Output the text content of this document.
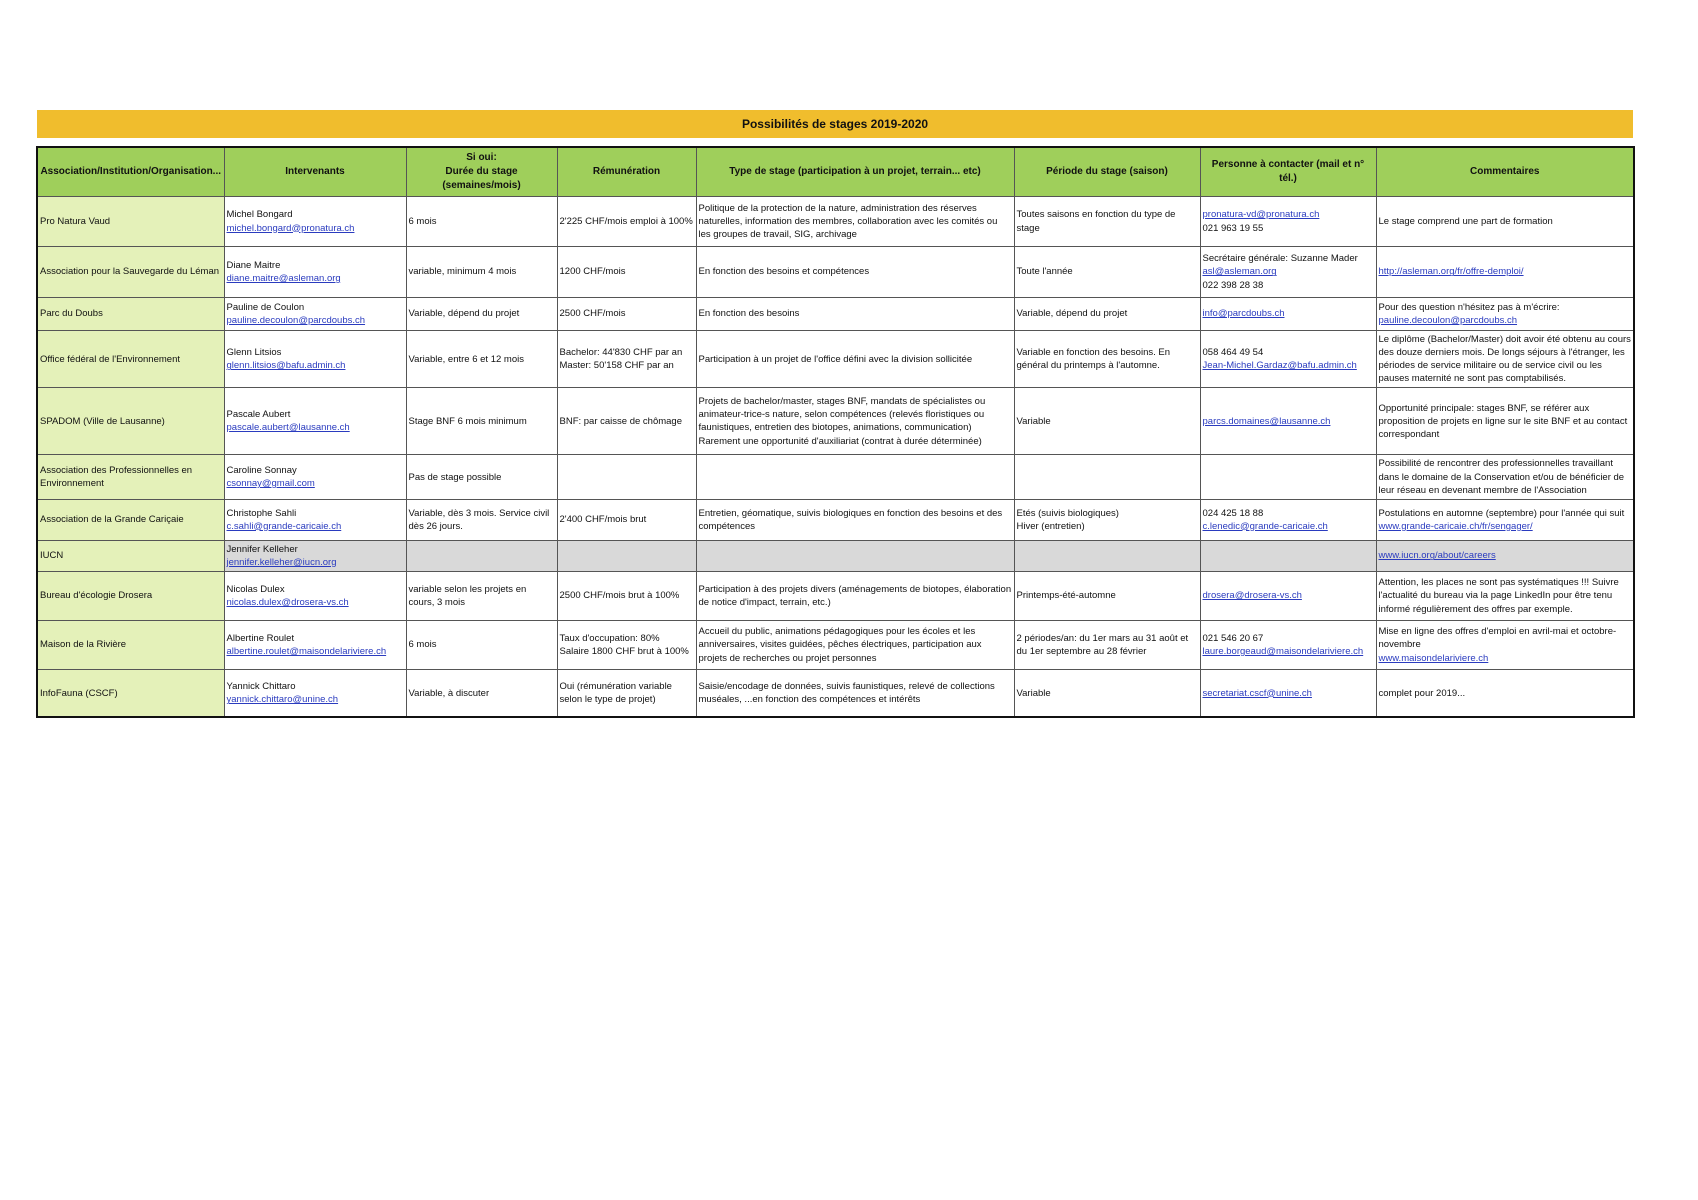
Possibilités de stages 2019-2020
Association/Institution/Organisation...	Intervenants	Si oui:
Durée du stage
(semaines/mois)	Rémunération	Type de stage (participation à un projet, terrain... etc)	Période du stage (saison)	Personne à contacter (mail et n° tél.)	Commentaires
Pro Natura Vaud	Michel Bongard
michel.bongard@pronatura.ch	6 mois	2'225 CHF/mois emploi à 100%	Politique de la protection de la nature, administration des réserves naturelles, information des membres, collaboration avec les comités ou les groupes de travail, SIG, archivage	Toutes saisons en fonction du type de stage	pronatura-vd@pronatura.ch
021 963 19 55	Le stage comprend une part de formation

Association pour la Sauvegarde du Léman	Diane Maitre
diane.maitre@asleman.org	variable, minimum 4 mois	1200 CHF/mois	En fonction des besoins et compétences	Toute l'année	Secrétaire générale: Suzanne Mader
asl@asleman.org
022 398 28 38	http://asleman.org/fr/offre-demploi/

Parc du Doubs	Pauline de Coulon
pauline.decoulon@parcdoubs.ch	Variable, dépend du projet	2500 CHF/mois	En fonction des besoins	Variable, dépend du projet	info@parcdoubs.ch	Pour des question n'hésitez pas à m'écrire:
pauline.decoulon@parcdoubs.ch

Office fédéral de l'Environnement	Glenn Litsios
glenn.litsios@bafu.admin.ch	Variable, entre 6 et 12 mois	Bachelor: 44'830 CHF par an
Master: 50'158 CHF par an	Participation à un projet de l'office défini avec la division sollicitée	Variable en fonction des besoins. En général du printemps à l'automne.	058 464 49 54
Jean-Michel.Gardaz@bafu.admin.ch	Le diplôme (Bachelor/Master) doit avoir été obtenu au cours des douze derniers mois. De longs séjours à l'étranger, les périodes de service militaire ou de service civil ou les pauses maternité ne sont pas comptabilisés.

SPADOM (Ville de Lausanne)	Pascale Aubert
pascale.aubert@lausanne.ch	Stage BNF 6 mois minimum	BNF: par caisse de chômage	Projets de bachelor/master, stages BNF, mandats de spécialistes ou animateur-trice-s nature, selon compétences (relevés floristiques ou faunistiques, entretien des biotopes, animations, communication)
Rarement une opportunité d'auxiliariat (contrat à durée déterminée)	Variable	parcs.domaines@lausanne.ch	Opportunité principale: stages BNF, se référer aux proposition de projets en ligne sur le site BNF et au contact correspondant

Association des Professionnelles en Environnement	Caroline Sonnay
csonnay@gmail.com	Pas de stage possible					Possibilité de rencontrer des professionnelles travaillant dans le domaine de la Conservation et/ou de bénéficier de leur réseau en devenant membre de l'Association

Association de la Grande Cariçaie	Christophe Sahli
c.sahli@grande-caricaie.ch	Variable, dès 3 mois. Service civil dès 26 jours.	2'400 CHF/mois brut	Entretien, géomatique, suivis biologiques en fonction des besoins et des compétences	Etés (suivis biologiques)
Hiver (entretien)	024 425 18 88
c.lenedic@grande-caricaie.ch	Postulations en automne (septembre) pour l'année qui suit
www.grande-caricaie.ch/fr/sengager/

IUCN	Jennifer Kelleher
jennifer.kelleher@iucn.org						www.iucn.org/about/careers

Bureau d'écologie Drosera	Nicolas Dulex
nicolas.dulex@drosera-vs.ch	variable selon les projets en cours, 3 mois	2500 CHF/mois brut à 100%	Participation à des projets divers (aménagements de biotopes, élaboration de notice d'impact, terrain, etc.)	Printemps-été-automne	drosera@drosera-vs.ch	Attention, les places ne sont pas systématiques !!! Suivre l'actualité du bureau via la page LinkedIn pour être tenu informé régulièrement des offres par exemple.

Maison de la Rivière	Albertine Roulet
albertine.roulet@maisondelariviere.ch	6 mois	Taux d'occupation: 80%
Salaire 1800 CHF brut à 100%	Accueil du public, animations pédagogiques pour les écoles et les anniversaires, visites guidées, pêches électriques, participation aux projets de recherches ou projet personnes	2 périodes/an: du 1er mars au 31 août et du 1er septembre au 28 février	021 546 20 67
laure.borgeaud@maisondelariviere.ch	Mise en ligne des offres d'emploi en avril-mai et octobre-novembre
www.maisondelariviere.ch

InfoFauna (CSCF)	Yannick Chittaro
yannick.chittaro@unine.ch	Variable, à discuter	Oui (rémunération variable selon le type de projet)	Saisie/encodage de données, suivis faunistiques, relevé de collections muséales, ...en fonction des compétences et intérêts	Variable	secretariat.cscf@unine.ch	complet pour 2019...
